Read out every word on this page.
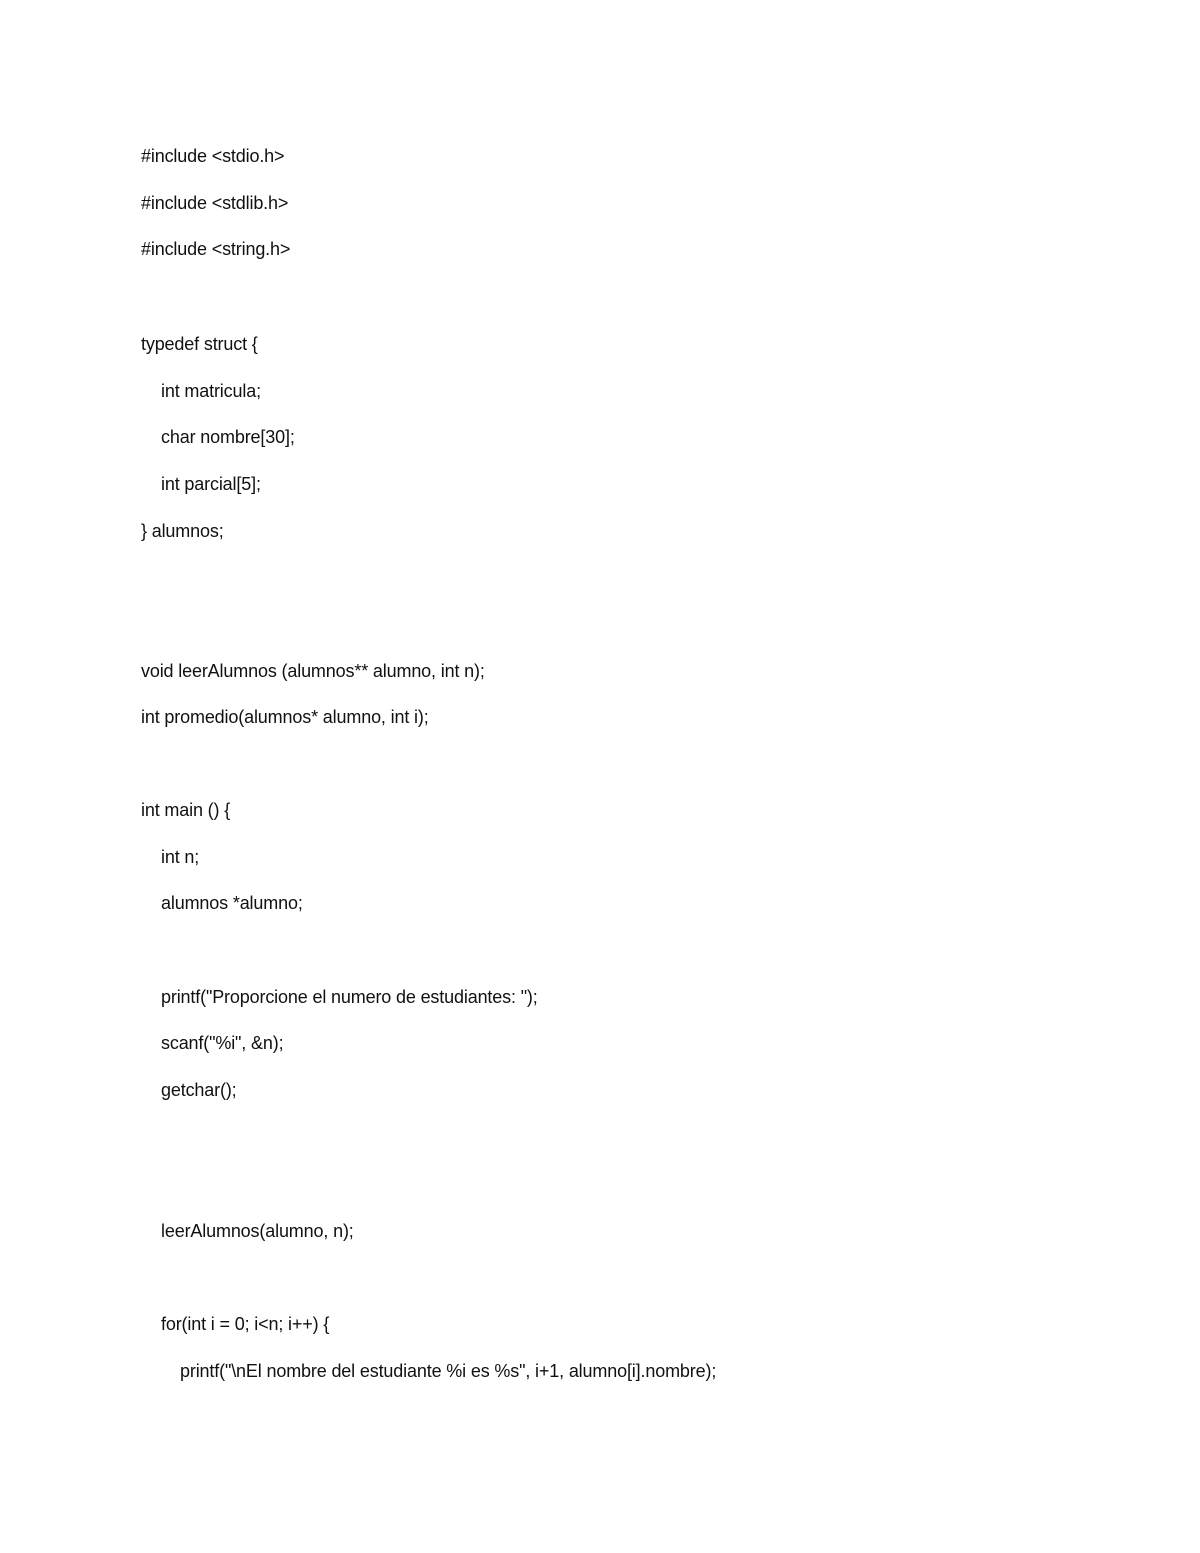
#include <stdio.h>
#include <stdlib.h>
#include <string.h>
typedef struct {
int matricula;
char nombre[30];
int parcial[5];
} alumnos;
void leerAlumnos (alumnos** alumno, int n);
int promedio(alumnos* alumno, int i);
int main () {
int n;
alumnos *alumno;
printf("Proporcione el numero de estudiantes: ");
scanf("%i", &n);
getchar();
leerAlumnos(alumno, n);
for(int i = 0; i<n; i++) {
printf("\nEl nombre del estudiante %i es %s", i+1, alumno[i].nombre);
